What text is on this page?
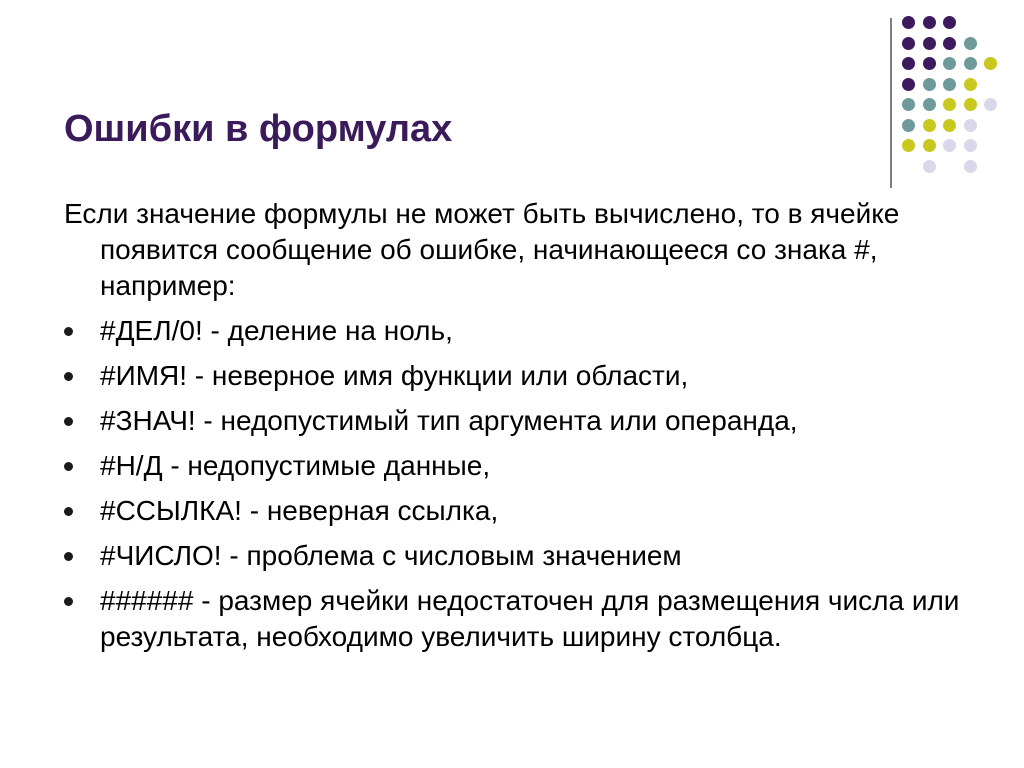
Ошибки в формулах

Если значение формулы не может быть вычислено, то в ячейке появится сообщение об ошибке, начинающееся со знака #, например:

#ДЕЛ/0! - деление на ноль,
#ИМЯ! - неверное имя функции или области,
#ЗНАЧ! - недопустимый тип аргумента или операнда,
#Н/Д - недопустимые данные,
#ССЫЛКА! - неверная ссылка,
#ЧИСЛО! - проблема с числовым значением
###### - размер ячейки недостаточен для размещения числа или результата, необходимо увеличить ширину столбца.
